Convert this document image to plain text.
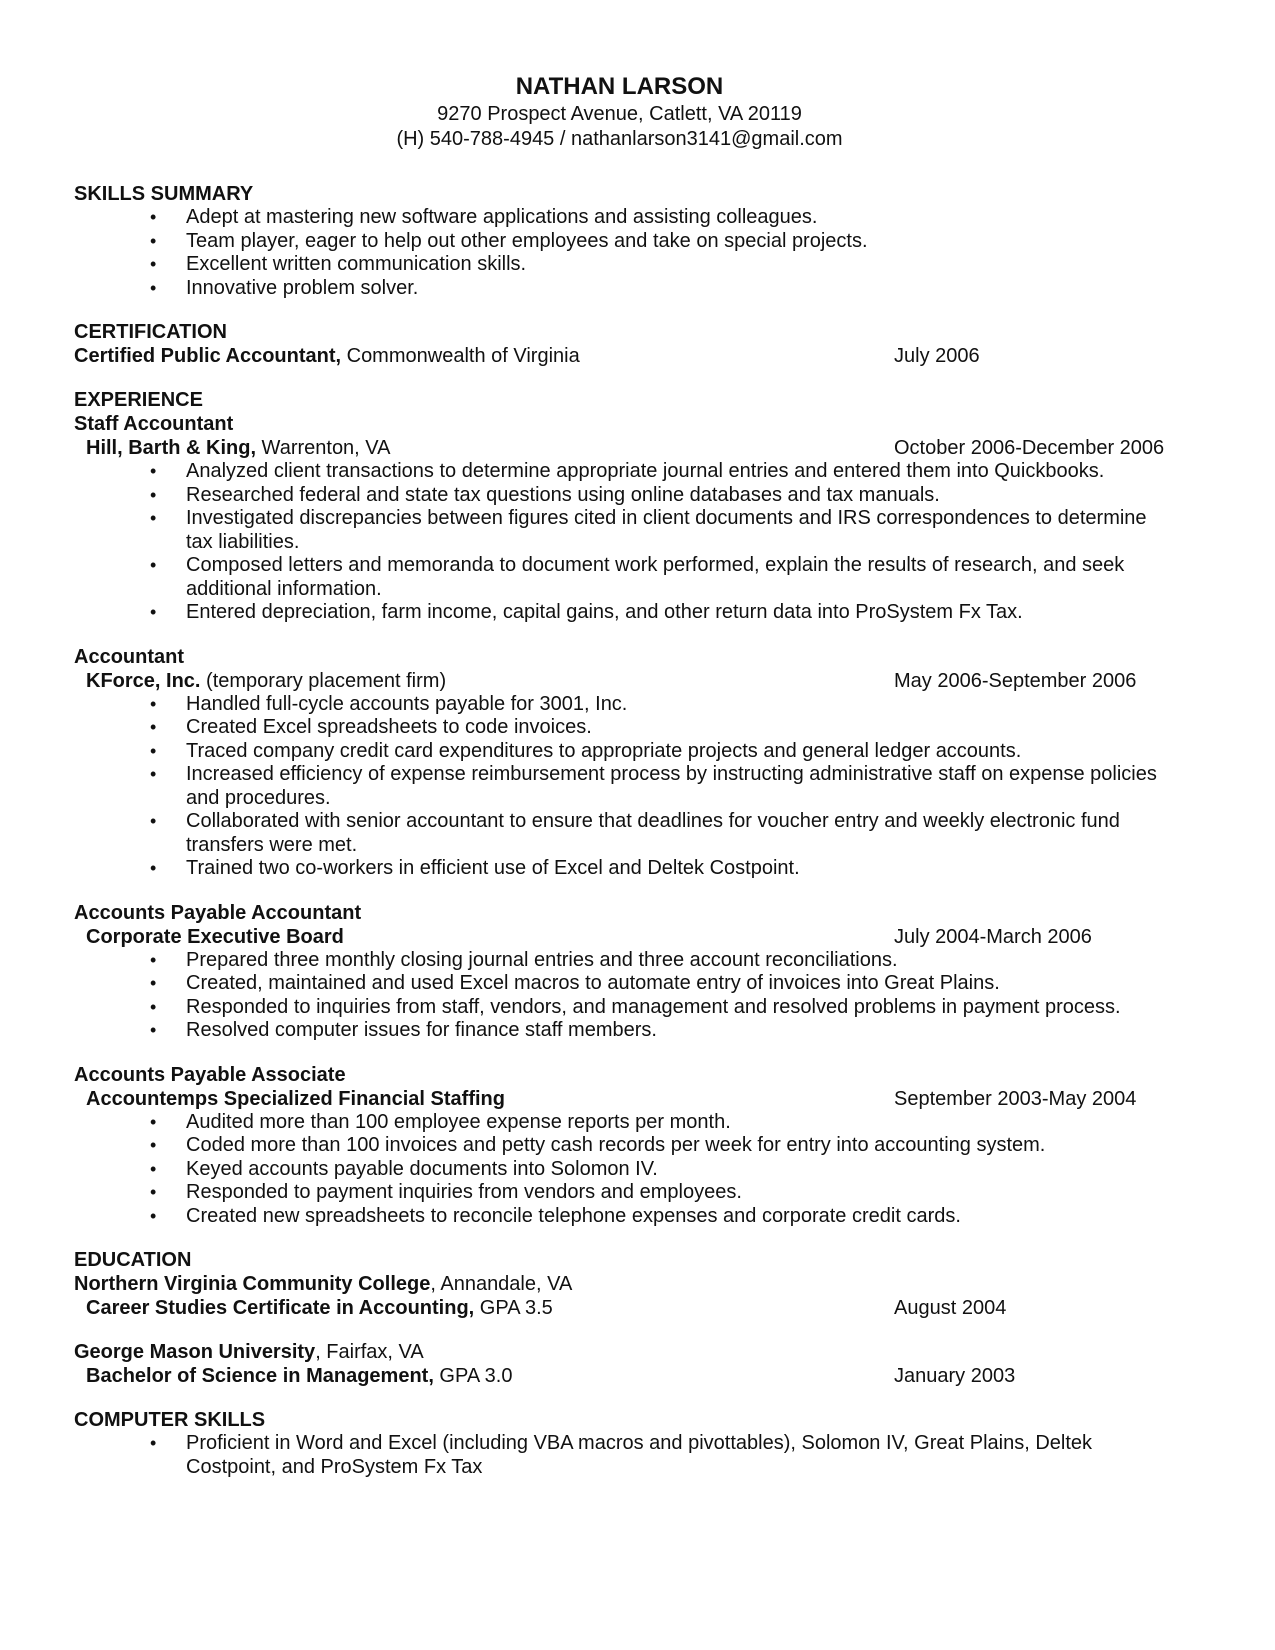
NATHAN LARSON

9270 Prospect Avenue, Catlett, VA 20119

(H) 540-788-4945 / nathanlarson3141@gmail.com

SKILLS SUMMARY

• Adept at mastering new software applications and assisting colleagues.
• Team player, eager to help out other employees and take on special projects.
• Excellent written communication skills.
• Innovative problem solver.

CERTIFICATION

Certified Public Accountant, Commonwealth of Virginia	July 2006

EXPERIENCE

Staff Accountant
Hill, Barth & King, Warrenton, VA	October 2006-December 2006
• Analyzed client transactions to determine appropriate journal entries and entered them into Quickbooks.
• Researched federal and state tax questions using online databases and tax manuals.
• Investigated discrepancies between figures cited in client documents and IRS correspondences to determine tax liabilities.
• Composed letters and memoranda to document work performed, explain the results of research, and seek additional information.
• Entered depreciation, farm income, capital gains, and other return data into ProSystem Fx Tax.
Accountant
KForce, Inc. (temporary placement firm)	May 2006-September 2006
• Handled full-cycle accounts payable for 3001, Inc.
• Created Excel spreadsheets to code invoices.
• Traced company credit card expenditures to appropriate projects and general ledger accounts.
• Increased efficiency of expense reimbursement process by instructing administrative staff on expense policies and procedures.
• Collaborated with senior accountant to ensure that deadlines for voucher entry and weekly electronic fund transfers were met.
• Trained two co-workers in efficient use of Excel and Deltek Costpoint.
Accounts Payable Accountant
Corporate Executive Board	July 2004-March 2006
• Prepared three monthly closing journal entries and three account reconciliations.
• Created, maintained and used Excel macros to automate entry of invoices into Great Plains.
• Responded to inquiries from staff, vendors, and management and resolved problems in payment process.
• Resolved computer issues for finance staff members.
Accounts Payable Associate
Accountemps Specialized Financial Staffing	September 2003-May 2004
• Audited more than 100 employee expense reports per month.
• Coded more than 100 invoices and petty cash records per week for entry into accounting system.
• Keyed accounts payable documents into Solomon IV.
• Responded to payment inquiries from vendors and employees.
• Created new spreadsheets to reconcile telephone expenses and corporate credit cards.

EDUCATION

Northern Virginia Community College, Annandale, VA
Career Studies Certificate in Accounting, GPA 3.5	August 2004
George Mason University, Fairfax, VA
Bachelor of Science in Management, GPA 3.0	January 2003

COMPUTER SKILLS

• Proficient in Word and Excel (including VBA macros and pivottables), Solomon IV, Great Plains, Deltek Costpoint, and ProSystem Fx Tax
